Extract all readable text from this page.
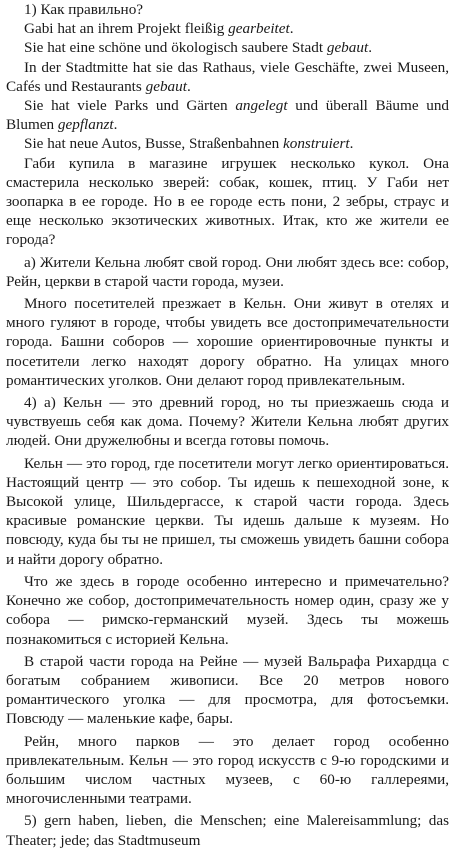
1) Как правильно?

Gabi hat an ihrem Projekt fleißig gearbeitet.

Sie hat eine schöne und ökologisch saubere Stadt gebaut.

In der Stadtmitte hat sie das Rathaus, viele Geschäfte, zwei Museen, Cafés und Restaurants gebaut.

Sie hat viele Parks und Gärten angelegt und überall Bäume und Blumen gepflanzt.

Sie hat neue Autos, Busse, Straßenbahnen konstruiert.

Габи купила в магазине игрушек несколько кукол. Она смастерила несколько зверей: собак, кошек, птиц. У Габи нет зоопарка в ее городе. Но в ее городе есть пони, 2 зебры, страус и еще несколько экзотических животных. Итак, кто же жители ее города?

а) Жители Кельна любят свой город. Они любят здесь все: собор, Рейн, церкви в старой части города, музеи.

Много посетителей презжает в Кельн. Они живут в отелях и много гуляют в городе, чтобы увидеть все достопримечательности города. Башни соборов — хорошие ориентировочные пункты и посетители легко находят дорогу обратно. На улицах много романтических уголков. Они делают город привлекательным.

4) а) Кельн — это древний город, но ты приезжаешь сюда и чувствуешь себя как дома. Почему? Жители Кельна любят других людей. Они дружелюбны и всегда готовы помочь.

Кельн — это город, где посетители могут легко ориентироваться. Настоящий центр — это собор. Ты идешь к пешеходной зоне, к Высокой улице, Шильдергассе, к старой части города. Здесь красивые романские церкви. Ты идешь дальше к музеям. Но повсюду, куда бы ты не пришел, ты сможешь увидеть башни собора и найти дорогу обратно.

Что же здесь в городе особенно интересно и примечательно? Конечно же собор, достопримечательность номер один, сразу же у собора — римско-германский музей. Здесь ты можешь познакомиться с историей Кельна.

В старой части города на Рейне — музей Вальрафа Рихардца с богатым собранием живописи. Все 20 метров нового романтического уголка — для просмотра, для фотосъемки. Повсюду — маленькие кафе, бары.

Рейн, много парков — это делает город особенно привлекательным. Кельн — это город искусств с 9-ю городскими и большим числом частных музеев, с 60-ю галлереями, многочисленными театрами.

5) gern haben, lieben, die Menschen; eine Malereisammlung; das Theater; jede; das Stadtmuseum
